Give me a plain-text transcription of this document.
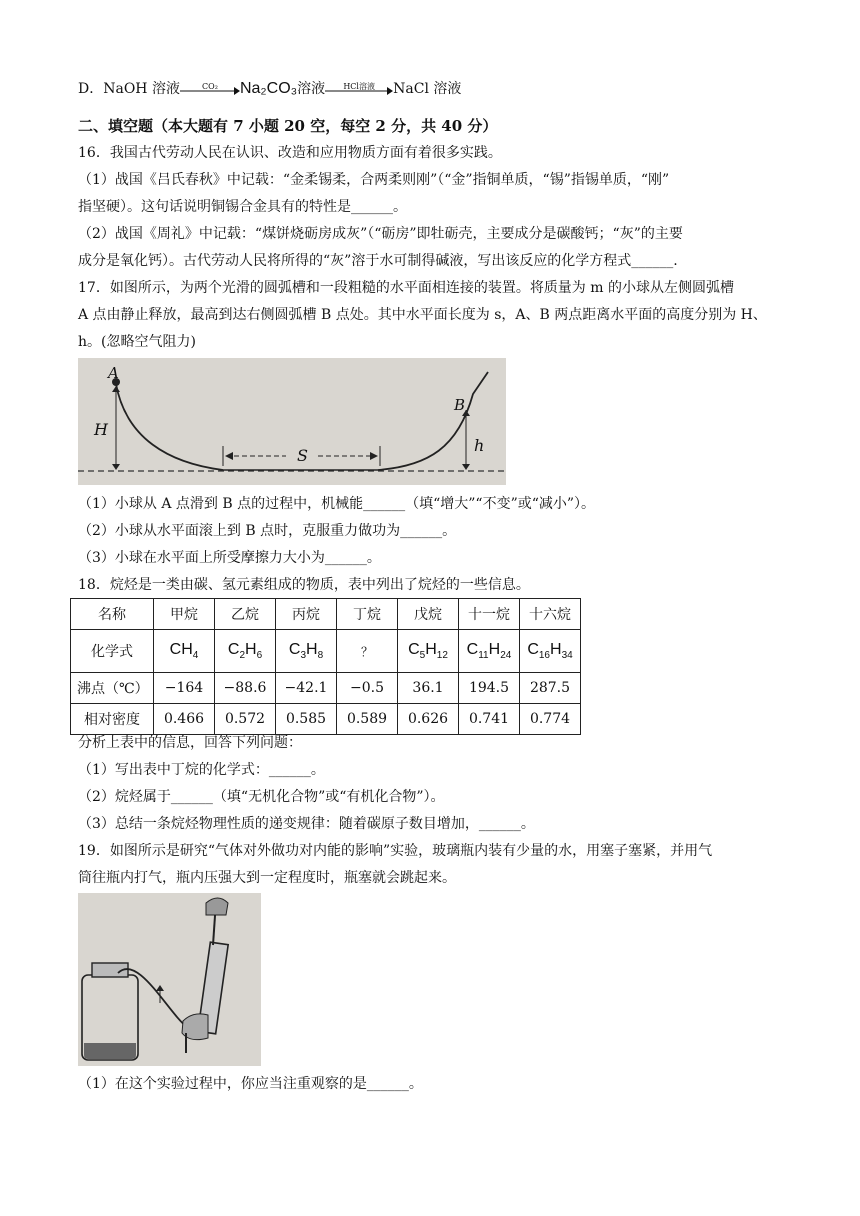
D．NaOH 溶液	CO₂	Na₂CO₃溶液	HCl溶液	NaCl 溶液
二、填空题（本大题有 7 小题 20 空，每空 2 分，共 40 分）
16．我国古代劳动人民在认识、改造和应用物质方面有着很多实践。
（1）战国《吕氏春秋》中记载：“金柔锡柔，合两柔则刚”（“金”指铜单质，“锡”指锡单质，“刚”
指坚硬）。这句话说明铜锡合金具有的特性是______。
（2）战国《周礼》中记载：“煤饼烧砺房成灰”（“砺房”即牡砺壳，主要成分是碳酸钙；“灰”的主要
成分是氧化钙）。古代劳动人民将所得的“灰”溶于水可制得碱液，写出该反应的化学方程式______.
17．如图所示，为两个光滑的圆弧槽和一段粗糙的水平面相连接的装置。将质量为 m 的小球从左侧圆弧槽
A 点由静止释放，最高到达右侧圆弧槽 B 点处。其中水平面长度为 s，A、B 两点距离水平面的高度分别为 H、
h。(忽略空气阻力)
A
B
H
h
S
（1）小球从 A 点滑到 B 点的过程中，机械能______（填“增大”“不变”或“减小”）。
（2）小球从水平面滚上到 B 点时，克服重力做功为______。
（3）小球在水平面上所受摩擦力大小为______。
18．烷烃是一类由碳、氢元素组成的物质，表中列出了烷烃的一些信息。
名称	甲烷	乙烷	丙烷	丁烷	戊烷	十一烷	十六烷
化学式	$CH_4$	$C_2H_6$	$C_3H_8$	？	$C_5H_{12}$	$C_{11}H_{24}$	$C_{16}H_{34}$
沸点（℃）	−164	−88.6	−42.1	−0.5	36.1	194.5	287.5
相对密度	0.466	0.572	0.585	0.589	0.626	0.741	0.774
分析上表中的信息，回答下列问题：
（1）写出表中丁烷的化学式：______。
（2）烷烃属于______（填“无机化合物”或“有机化合物”）。
（3）总结一条烷烃物理性质的递变规律：随着碳原子数目增加，______。
19．如图所示是研究“气体对外做功对内能的影响”实验，玻璃瓶内装有少量的水，用塞子塞紧，并用气
筒往瓶内打气，瓶内压强大到一定程度时，瓶塞就会跳起来。
（1）在这个实验过程中，你应当注重观察的是______。
